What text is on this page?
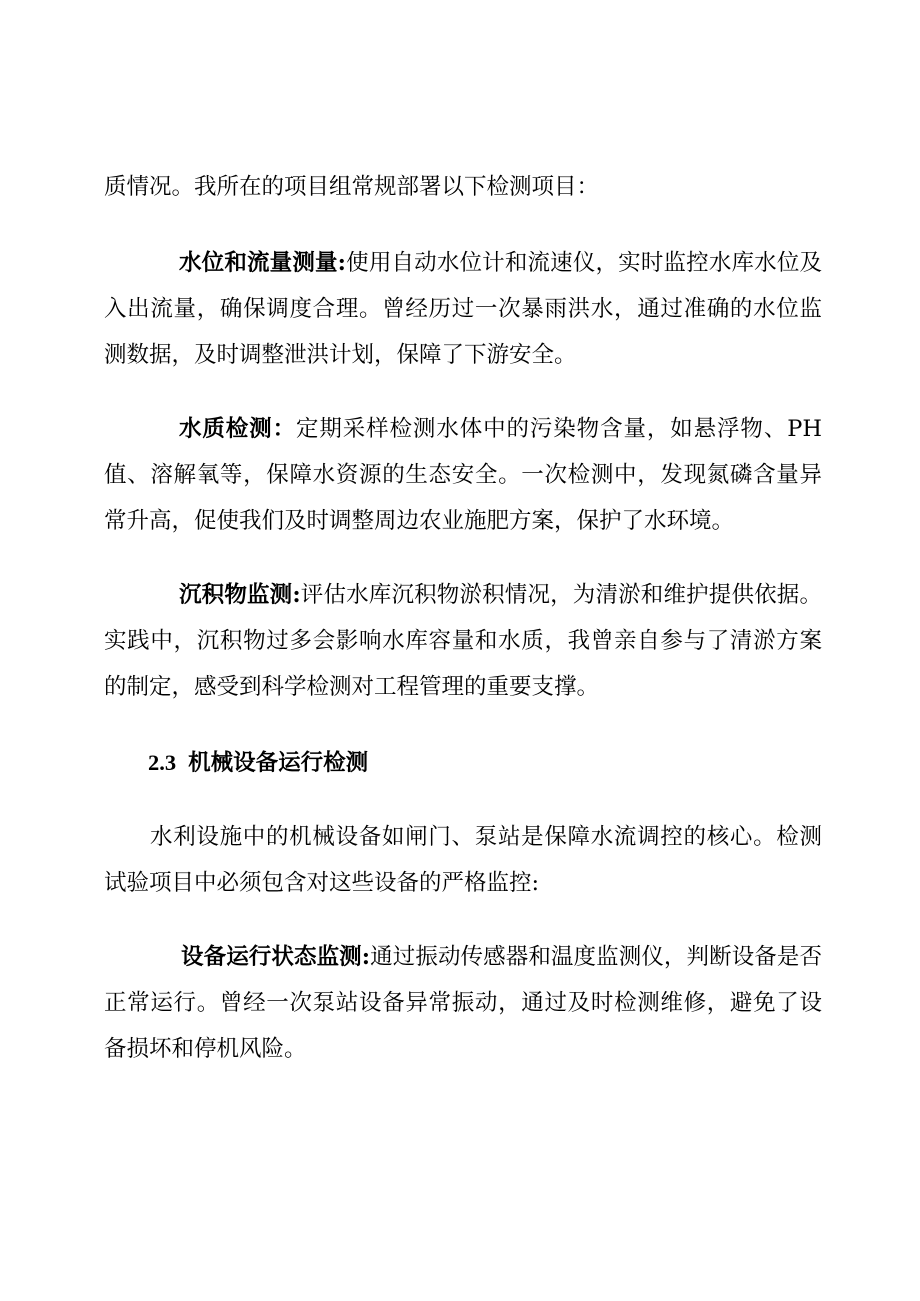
质情况。我所在的项目组常规部署以下检测项目：

水位和流量测量:使用自动水位计和流速仪，实时监控水库水位及入出流量，确保调度合理。曾经历过一次暴雨洪水，通过准确的水位监测数据，及时调整泄洪计划，保障了下游安全。

水质检测：定期采样检测水体中的污染物含量，如悬浮物、PH值、溶解氧等，保障水资源的生态安全。一次检测中，发现氮磷含量异常升高，促使我们及时调整周边农业施肥方案，保护了水环境。

沉积物监测:评估水库沉积物淤积情况，为清淤和维护提供依据。实践中，沉积物过多会影响水库容量和水质，我曾亲自参与了清淤方案的制定，感受到科学检测对工程管理的重要支撑。

2.3 机械设备运行检测

水利设施中的机械设备如闸门、泵站是保障水流调控的核心。检测试验项目中必须包含对这些设备的严格监控:

设备运行状态监测:通过振动传感器和温度监测仪，判断设备是否正常运行。曾经一次泵站设备异常振动，通过及时检测维修，避免了设备损坏和停机风险。
